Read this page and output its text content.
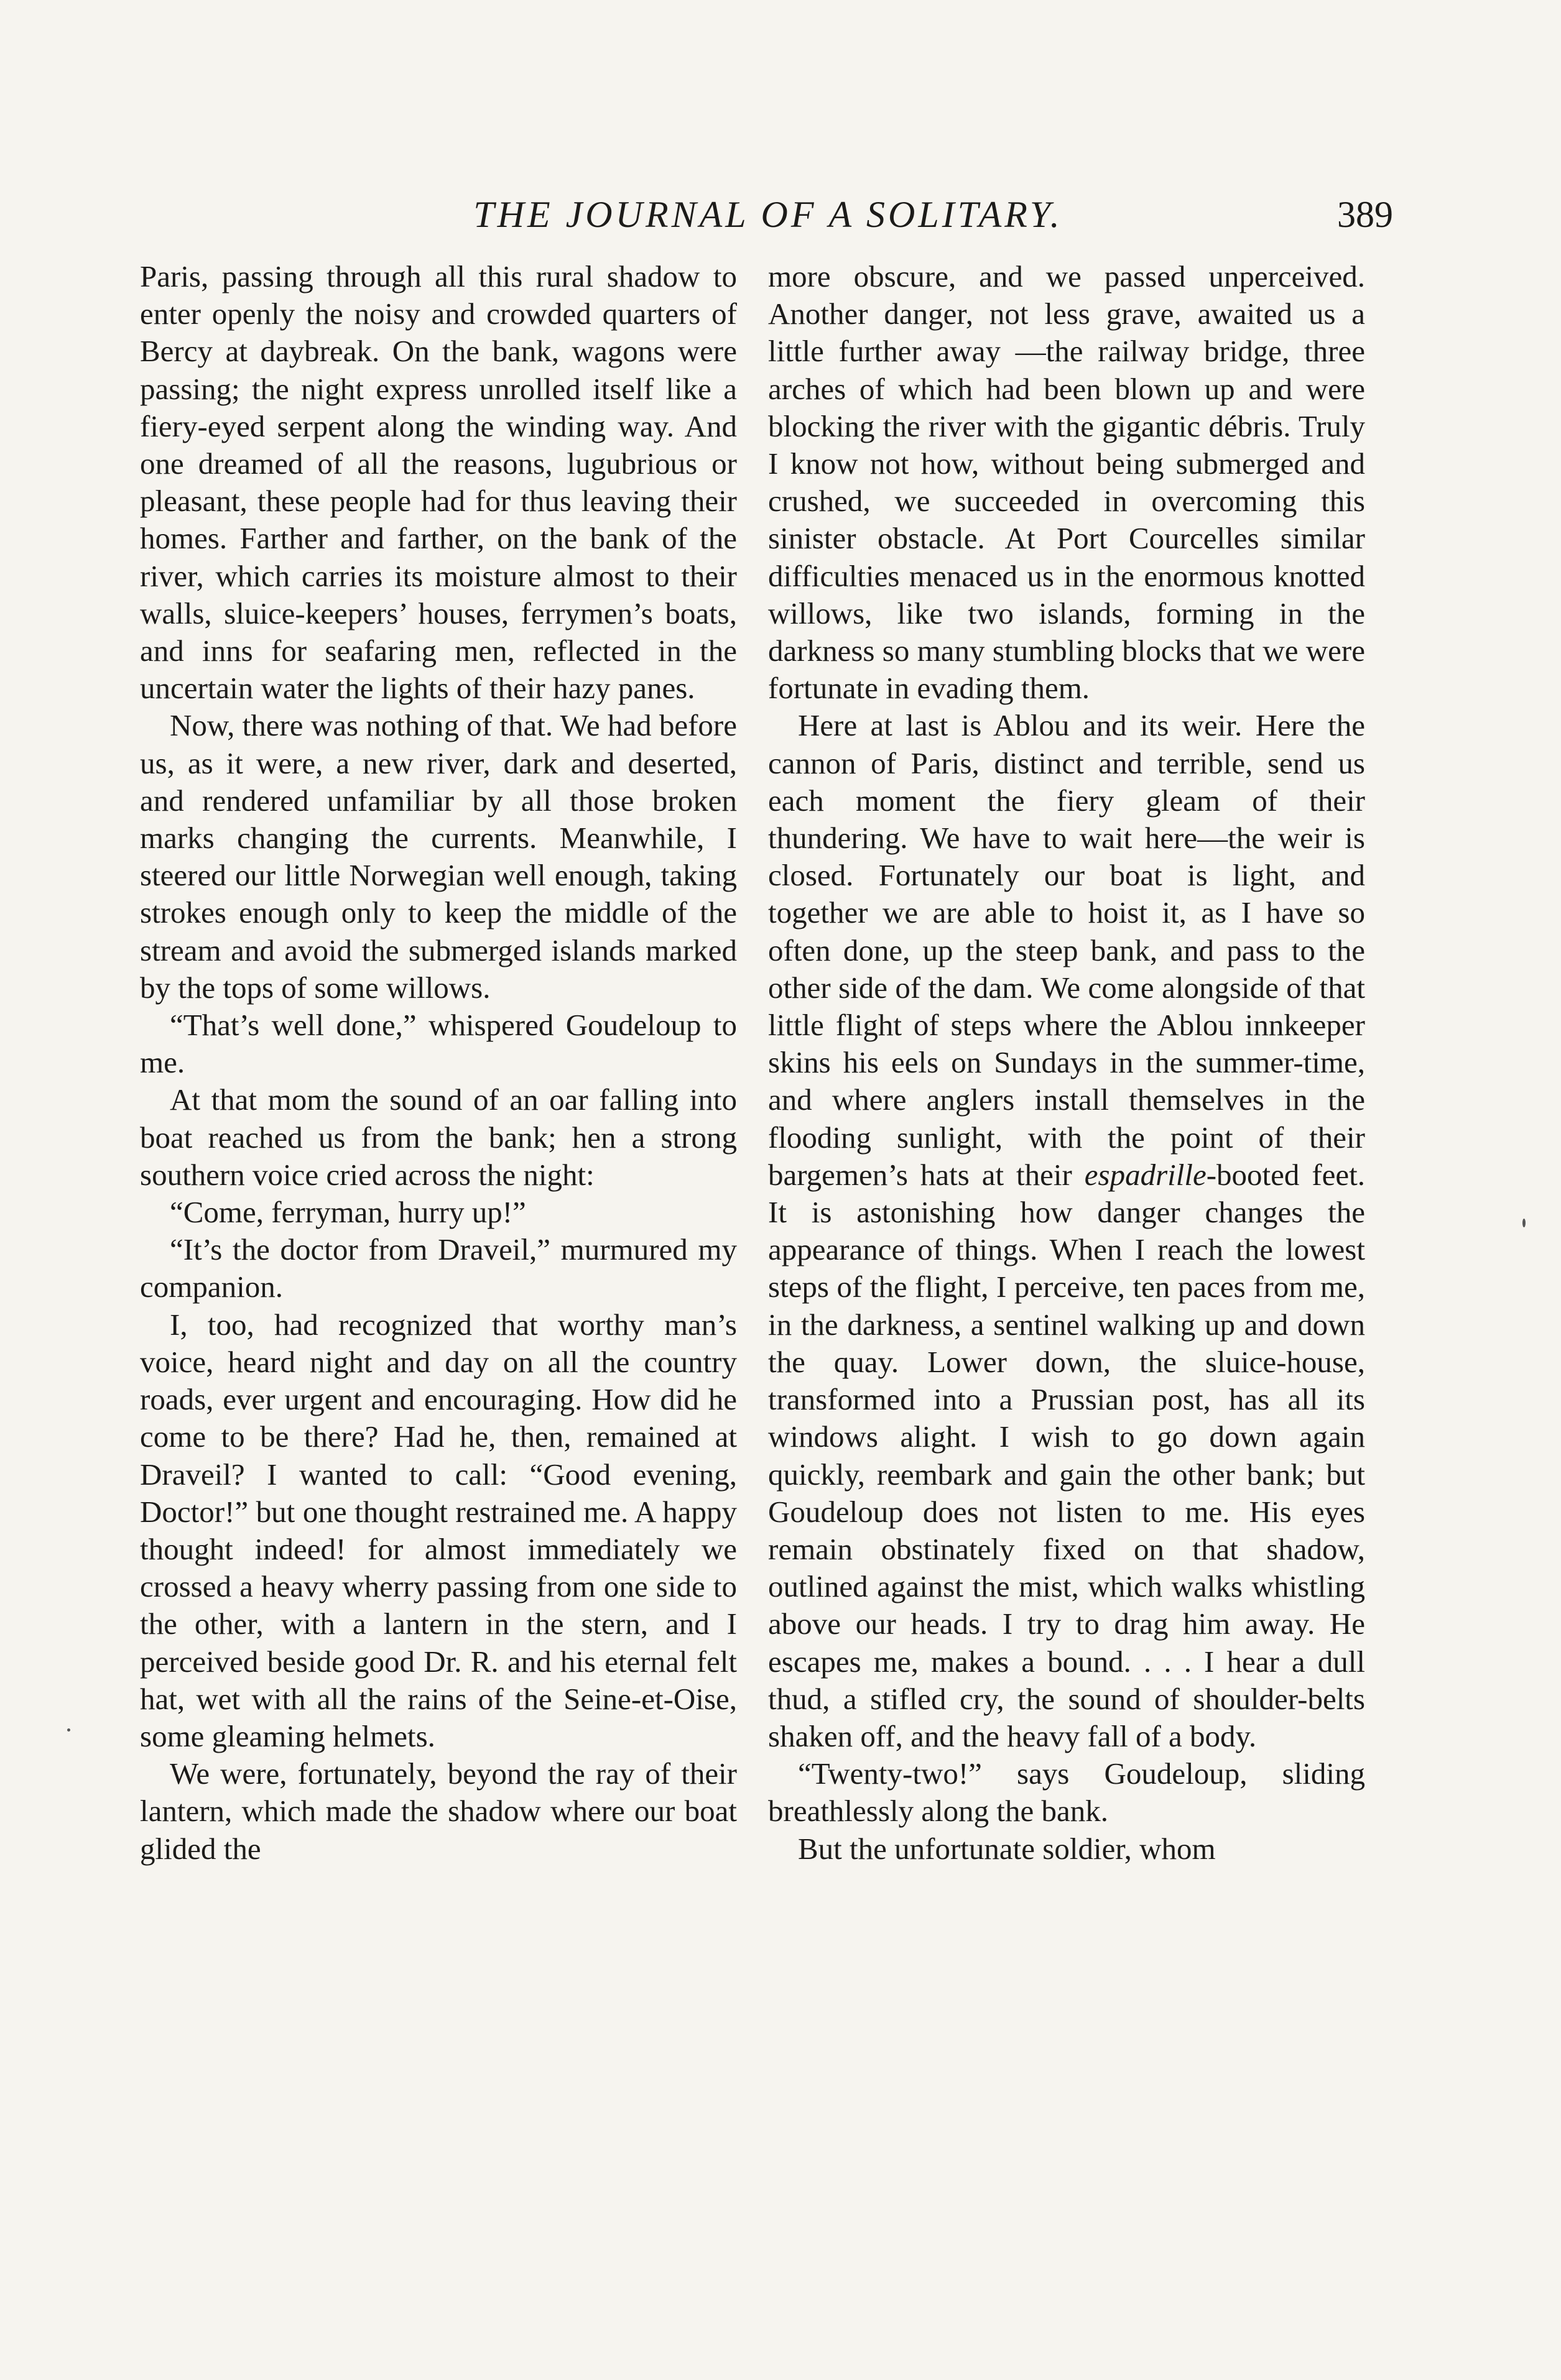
THE JOURNAL OF A SOLITARY.	389

Paris, passing through all this rural shadow to enter openly the noisy and crowded quarters of Bercy at daybreak. On the bank, wagons were passing; the night express unrolled itself like a fiery-eyed serpent along the winding way. And one dreamed of all the reasons, lugubrious or pleasant, these people had for thus leaving their homes. Farther and farther, on the bank of the river, which carries its moisture almost to their walls, sluice-keepers’ houses, ferrymen’s boats, and inns for seafaring men, reflected in the uncertain water the lights of their hazy panes.

Now, there was nothing of that. We had before us, as it were, a new river, dark and deserted, and rendered unfamiliar by all those broken marks changing the currents. Meanwhile, I steered our little Norwegian well enough, taking strokes enough only to keep the middle of the stream and avoid the submerged islands marked by the tops of some willows.

“That’s well done,” whispered Goudeloup to me.

At that mom the sound of an oar falling into boat reached us from the bank; hen a strong southern voice cried across the night:

“Come, ferryman, hurry up!”

“It’s the doctor from Draveil,” murmured my companion.

I, too, had recognized that worthy man’s voice, heard night and day on all the country roads, ever urgent and encouraging. How did he come to be there? Had he, then, remained at Draveil? I wanted to call: “Good evening, Doctor!” but one thought restrained me. A happy thought indeed! for almost immediately we crossed a heavy wherry passing from one side to the other, with a lantern in the stern, and I perceived beside good Dr. R. and his eternal felt hat, wet with all the rains of the Seine-et-Oise, some gleaming helmets.

We were, fortunately, beyond the ray of their lantern, which made the shadow where our boat glided the

more obscure, and we passed unperceived. Another danger, not less grave, awaited us a little further away —the railway bridge, three arches of which had been blown up and were blocking the river with the gigantic débris. Truly I know not how, without being submerged and crushed, we succeeded in overcoming this sinister obstacle. At Port Courcelles similar difficulties menaced us in the enormous knotted willows, like two islands, forming in the darkness so many stumbling blocks that we were fortunate in evading them.

Here at last is Ablou and its weir. Here the cannon of Paris, distinct and terrible, send us each moment the fiery gleam of their thundering. We have to wait here—the weir is closed. Fortunately our boat is light, and together we are able to hoist it, as I have so often done, up the steep bank, and pass to the other side of the dam. We come alongside of that little flight of steps where the Ablou innkeeper skins his eels on Sundays in the summer-time, and where anglers install themselves in the flooding sunlight, with the point of their bargemen’s hats at their espadrille-booted feet. It is astonishing how danger changes the appearance of things. When I reach the lowest steps of the flight, I perceive, ten paces from me, in the darkness, a sentinel walking up and down the quay. Lower down, the sluice-house, transformed into a Prussian post, has all its windows alight. I wish to go down again quickly, reembark and gain the other bank; but Goudeloup does not listen to me. His eyes remain obstinately fixed on that shadow, outlined against the mist, which walks whistling above our heads. I try to drag him away. He escapes me, makes a bound. . . . I hear a dull thud, a stifled cry, the sound of shoulder-belts shaken off, and the heavy fall of a body.

“Twenty-two!” says Goudeloup, sliding breathlessly along the bank.

But the unfortunate soldier, whom
